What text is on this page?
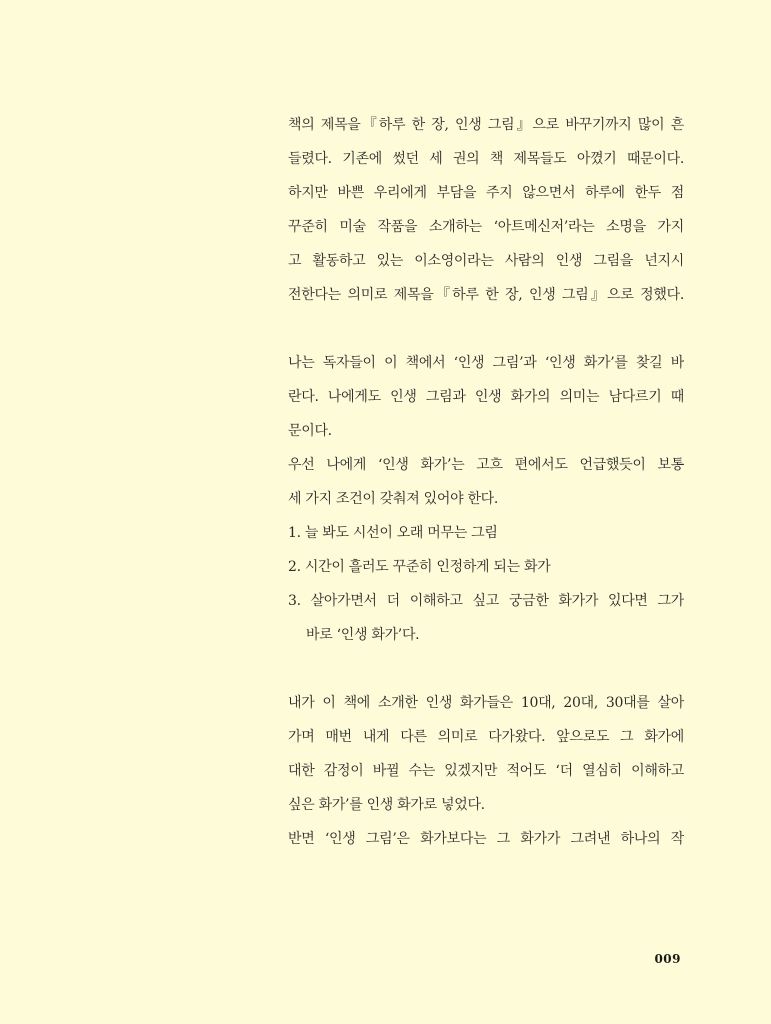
책의 제목을『하루 한 장, 인생 그림』으로 바꾸기까지 많이 흔
들렸다. 기존에 썼던 세 권의 책 제목들도 아꼈기 때문이다.
하지만 바쁜 우리에게 부담을 주지 않으면서 하루에 한두 점
꾸준히 미술 작품을 소개하는 ‘아트메신저’라는 소명을 가지
고 활동하고 있는 이소영이라는 사람의 인생 그림을 넌지시
전한다는 의미로 제목을『하루 한 장, 인생 그림』으로 정했다.
나는 독자들이 이 책에서 ‘인생 그림’과 ‘인생 화가’를 찾길 바
란다. 나에게도 인생 그림과 인생 화가의 의미는 남다르기 때
문이다.
우선 나에게 ‘인생 화가’는 고흐 편에서도 언급했듯이 보통
세 가지 조건이 갖춰져 있어야 한다.
1. 늘 봐도 시선이 오래 머무는 그림
2. 시간이 흘러도 꾸준히 인정하게 되는 화가
3. 살아가면서 더 이해하고 싶고 궁금한 화가가 있다면 그가
바로 ‘인생 화가’다.
내가 이 책에 소개한 인생 화가들은 10대, 20대, 30대를 살아
가며 매번 내게 다른 의미로 다가왔다. 앞으로도 그 화가에
대한 감정이 바뀔 수는 있겠지만 적어도 ‘더 열심히 이해하고
싶은 화가’를 인생 화가로 넣었다.
반면 ‘인생 그림’은 화가보다는 그 화가가 그려낸 하나의 작
009
